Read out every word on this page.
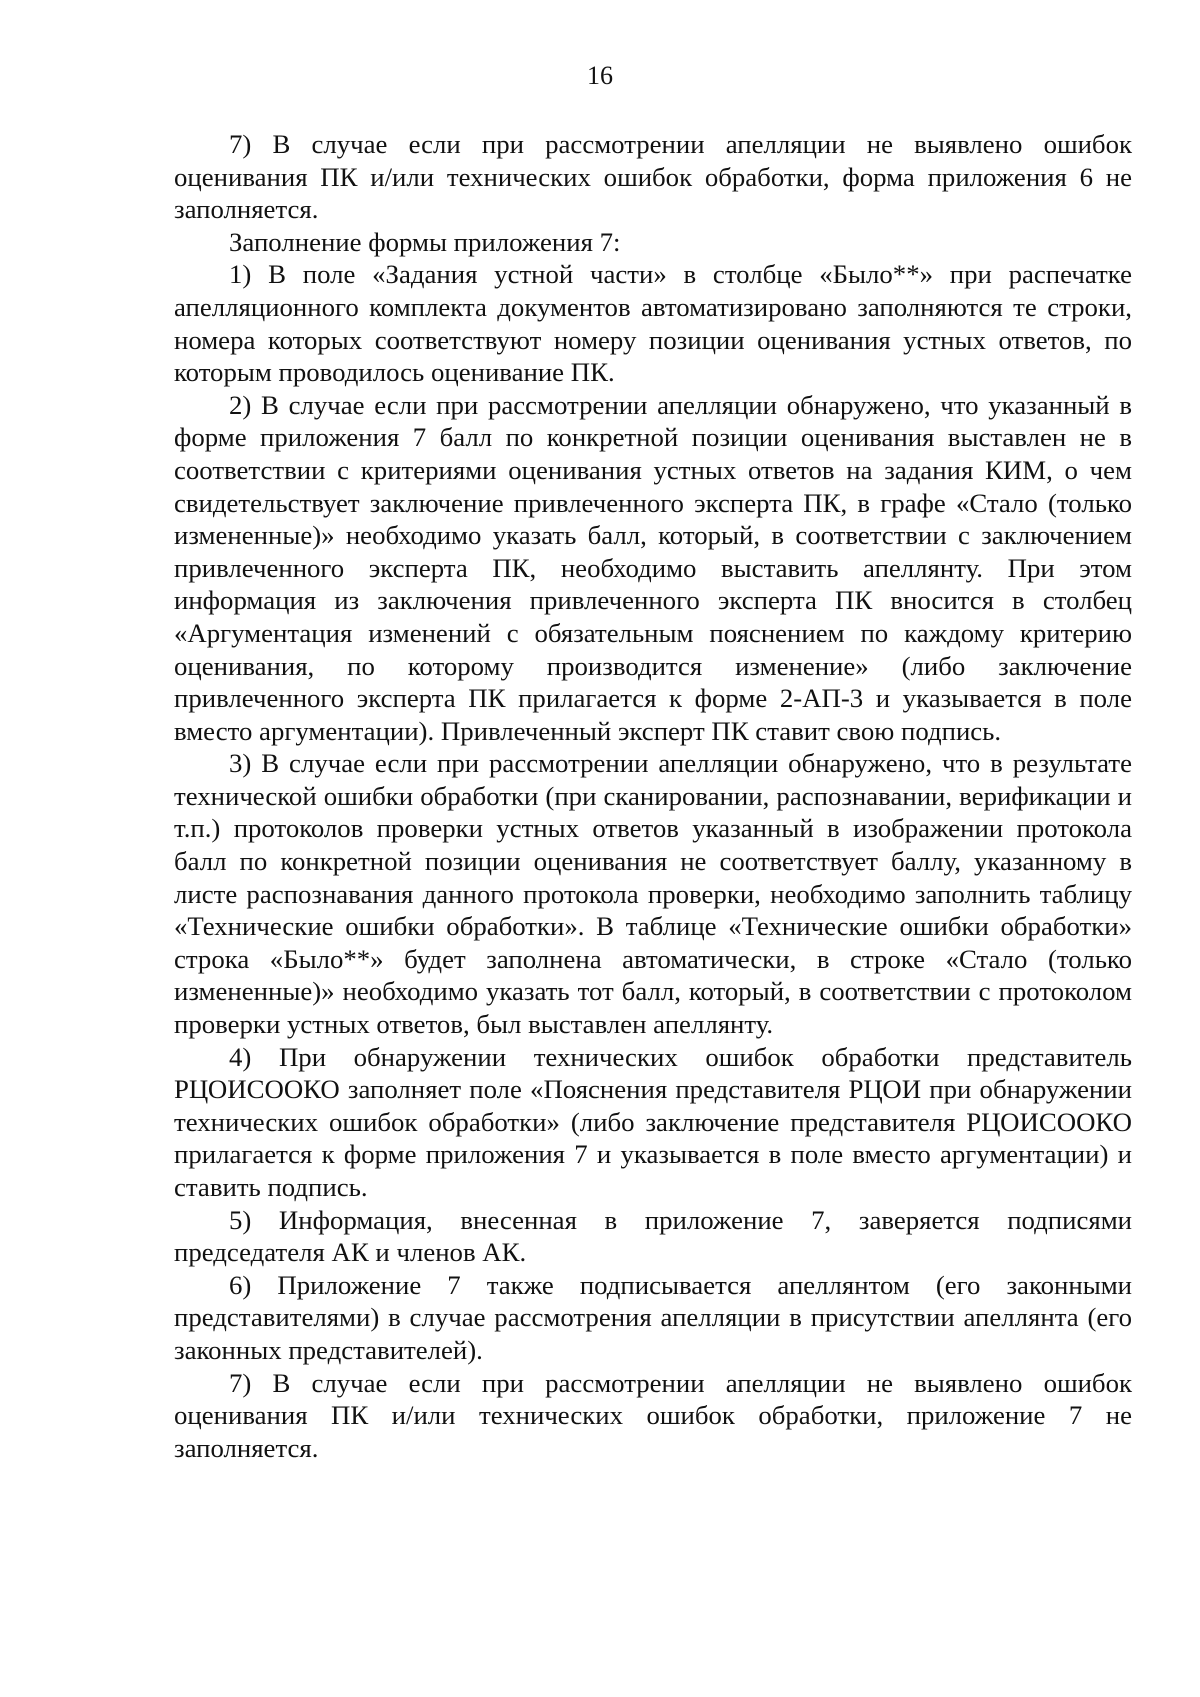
16

7) В случае если при рассмотрении апелляции не выявлено ошибок оценивания ПК и/или технических ошибок обработки, форма приложения 6 не заполняется.

Заполнение формы приложения 7:

1) В поле «Задания устной части» в столбце «Было**» при распечатке апелляционного комплекта документов автоматизировано заполняются те строки, номера которых соответствуют номеру позиции оценивания устных ответов, по которым проводилось оценивание ПК.

2) В случае если при рассмотрении апелляции обнаружено, что указанный в форме приложения 7 балл по конкретной позиции оценивания выставлен не в соответствии с критериями оценивания устных ответов на задания КИМ, о чем свидетельствует заключение привлеченного эксперта ПК, в графе «Стало (только измененные)» необходимо указать балл, который, в соответствии с заключением привлеченного эксперта ПК, необходимо выставить апеллянту. При этом информация из заключения привлеченного эксперта ПК вносится в столбец «Аргументация изменений с обязательным пояснением по каждому критерию оценивания, по которому производится изменение» (либо заключение привлеченного эксперта ПК прилагается к форме 2-АП-3 и указывается в поле вместо аргументации). Привлеченный эксперт ПК ставит свою подпись.

3) В случае если при рассмотрении апелляции обнаружено, что в результате технической ошибки обработки (при сканировании, распознавании, верификации и т.п.) протоколов проверки устных ответов указанный в изображении протокола балл по конкретной позиции оценивания не соответствует баллу, указанному в листе распознавания данного протокола проверки, необходимо заполнить таблицу «Технические ошибки обработки». В таблице «Технические ошибки обработки» строка «Было**» будет заполнена автоматически, в строке «Стало (только измененные)» необходимо указать тот балл, который, в соответствии с протоколом проверки устных ответов, был выставлен апеллянту.

4) При обнаружении технических ошибок обработки представитель РЦОИСООКО заполняет поле «Пояснения представителя РЦОИ при обнаружении технических ошибок обработки» (либо заключение представителя РЦОИСООКО прилагается к форме приложения 7 и указывается в поле вместо аргументации) и ставить подпись.

5) Информация, внесенная в приложение 7, заверяется подписями председателя АК и членов АК.

6) Приложение 7 также подписывается апеллянтом (его законными представителями) в случае рассмотрения апелляции в присутствии апеллянта (его законных представителей).

7) В случае если при рассмотрении апелляции не выявлено ошибок оценивания ПК и/или технических ошибок обработки, приложение 7 не заполняется.
